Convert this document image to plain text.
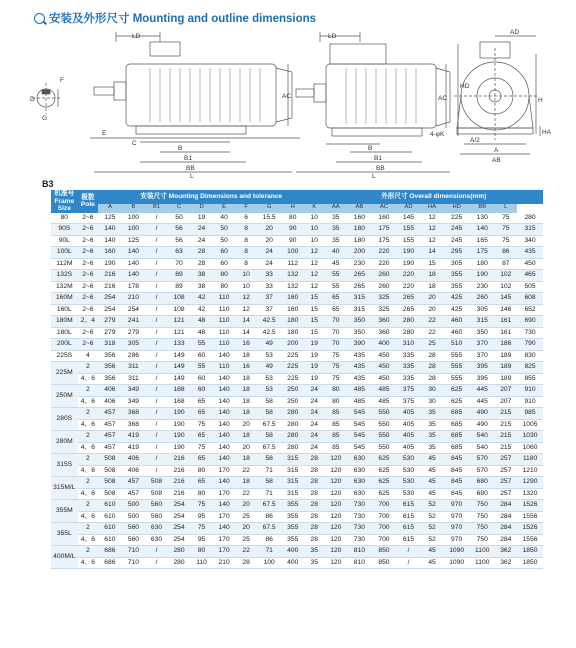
安装及外形尺寸 Mounting and outline dimensions
D
G
F
LD
AC
B
B1
BB
L
C
E
LD
AC
HD
B
B1
BB
L
AD
4-φK
A/2
A
AB
HA
H
B3
机座号 Frame Size	极数 Pole	安装尺寸 Mounting Dimensions and tolerance										外形尺寸 Overall dimensions(mm)								
		A	B	B1	C	D	E	F	G	H	K	AA	AB	AC	AD	HA	HD	BB	L	
80	2~6	125	100	/	50	19	40	6	15.5	80	10	35	160	160	145	12	225	130	75	280
90S	2~6	140	100	/	56	24	50	8	20	90	10	35	180	175	155	12	245	140	75	315
90L	2~6	140	125	/	56	24	50	8	20	90	10	35	180	175	155	12	245	165	75	340
100L	2~6	160	140	/	63	28	60	8	24	100	12	40	200	220	190	14	295	175	86	435
112M	2~6	190	140	/	70	28	60	8	24	112	12	45	230	220	190	15	305	180	87	450
132S	2~6	216	140	/	89	38	80	10	33	132	12	55	265	260	220	18	355	190	102	465
132M	2~6	216	178	/	89	38	80	10	33	132	12	55	265	260	220	18	355	230	102	505
160M	2~6	254	210	/	108	42	110	12	37	160	15	65	315	325	265	20	425	260	145	608
160L	2~6	254	254	/	108	42	110	12	37	160	15	65	315	325	265	20	425	305	146	652
180M	2、4	279	241	/	121	48	110	14	42.5	180	15	70	350	360	280	22	460	315	161	690
180L	2~6	279	279	/	121	48	110	14	42.5	180	15	70	350	360	280	22	460	350	161	730
200L	2~6	318	305	/	133	55	110	16	49	200	19	70	390	400	310	25	510	370	186	790
225S	4	356	286	/	149	60	140	18	53	225	19	75	435	450	335	28	555	370	189	830
225M	2	356	311	/	149	55	110	16	49	225	19	75	435	450	335	28	555	395	189	825
	4、6	356	311	/	149	60	140	18	53	225	19	75	435	450	335	28	555	395	189	855
250M	2	406	349	/	168	60	140	18	53	250	24	80	485	485	375	30	625	445	207	910
	4、6	406	349	/	168	65	140	18	58	250	24	80	485	485	375	30	625	445	207	910
280S	2	457	368	/	190	65	140	18	58	280	24	85	545	550	405	35	685	490	215	985
	4、6	457	368	/	190	75	140	20	67.5	280	24	85	545	550	405	35	685	490	215	1005
280M	2	457	419	/	190	65	140	18	58	280	24	85	545	550	405	35	685	540	215	1030
	4、6	457	419	/	190	75	140	20	67.5	280	24	85	545	550	405	35	685	540	215	1060
315S	2	508	406	/	216	65	140	18	58	315	28	120	630	625	530	45	845	570	257	1180
	4、6	508	406	/	216	80	170	22	71	315	28	120	630	625	530	45	845	570	257	1210
315M/L	2	508	457	508	216	65	140	18	58	315	28	120	630	625	530	45	845	680	257	1290
	4、6	508	457	508	216	80	170	22	71	315	28	120	630	625	530	45	845	680	257	1320
355M	2	610	500	560	254	75	140	20	67.5	355	28	120	730	700	615	52	970	750	284	1526
	4、6	610	500	560	254	95	170	25	86	355	28	120	730	700	615	52	970	750	284	1556
355L	2	610	560	630	254	75	140	20	67.5	355	28	120	730	700	615	52	970	750	284	1526
	4、6	610	560	630	254	95	170	25	86	355	28	120	730	700	615	52	970	750	284	1556
400M/L	2	686	710	/	280	80	170	22	71	400	35	120	810	850	/	45	1090	1100	362	1850
	4、6	686	710	/	280	110	210	28	100	400	35	120	810	850	/	45	1090	1100	362	1850
